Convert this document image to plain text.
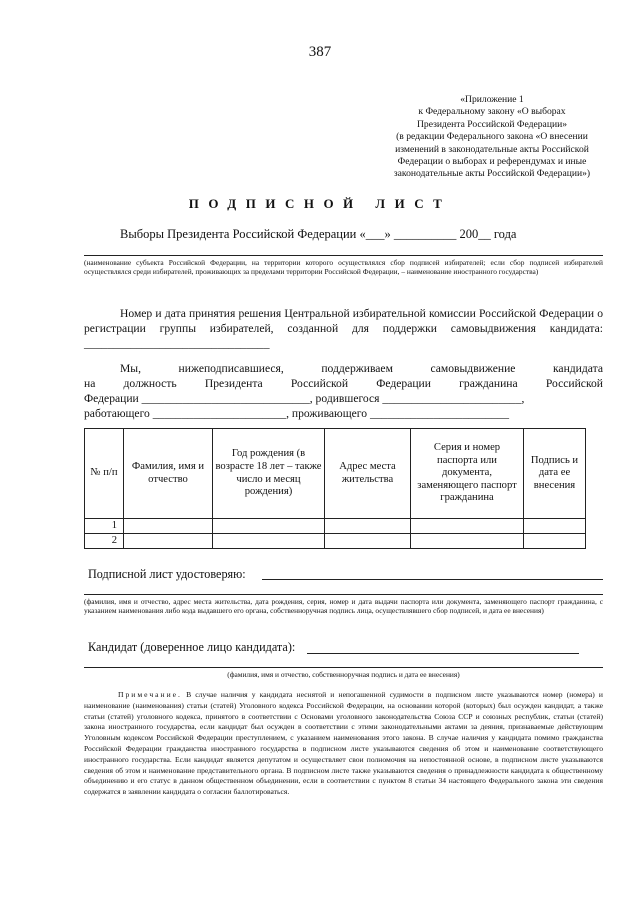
387
«Приложение 1
к Федеральному закону «О выборах
Президента Российской Федерации»
(в редакции Федерального закона «О внесении
изменений в законодательные акты Российской
Федерации о выборах и референдумах и иные
законодательные акты Российской Федерации»)
ПОДПИСНОЙ ЛИСТ
Выборы Президента Российской Федерации «___» __________ 200__ года
(наименование субъекта Российской Федерации, на территории которого осуществлялся сбор подписей избирателей; если сбор подписей избирателей осуществлялся среди избирателей, проживающих за пределами территории Российской Федерации, – наименование иностранного государства)
Номер и дата принятия решения Центральной избирательной комиссии Российской Федерации о регистрации группы избирателей, созданной для поддержки самовыдвижения кандидата: ________________________________
Мы, нижеподписавшиеся, поддерживаем самовыдвижение кандидата
на должность Президента Российской Федерации гражданина Российской
Федерации _____________________________, родившегося ________________________,
работающего _______________________, проживающего ________________________
№ п/п	Фамилия, имя и отчество	Год рождения (в возрасте 18 лет – также число и месяц рождения)	Адрес места жительства	Серия и номер паспорта или документа, заменяющего паспорт гражданина	Подпись и дата ее внесения
1					
2					
Подписной лист удостоверяю:
(фамилия, имя и отчество, адрес места жительства, дата рождения, серия, номер и дата выдачи паспорта или документа, заменяющего паспорт гражданина, с указанием наименования либо кода выдавшего его органа, собственноручная подпись лица, осуществлявшего сбор подписей, и дата ее внесения)
Кандидат (доверенное лицо кандидата):
(фамилия, имя и отчество, собственноручная подпись и дата ее внесения)
Примечание. В случае наличия у кандидата неснятой и непогашенной судимости в подписном листе указываются номер (номера) и наименование (наименования) статьи (статей) Уголовного кодекса Российской Федерации, на основании которой (которых) был осужден кандидат, а также статьи (статей) уголовного кодекса, принятого в соответствии с Основами уголовного законодательства Союза ССР и союзных республик, статьи (статей) закона иностранного государства, если кандидат был осужден в соответствии с этими законодательными актами за деяния, признаваемые действующим Уголовным кодексом Российской Федерации преступлением, с указанием наименования этого закона. В случае наличия у кандидата помимо гражданства Российской Федерации гражданства иностранного государства в подписном листе указываются сведения об этом и наименование соответствующего иностранного государства. Если кандидат является депутатом и осуществляет свои полномочия на непостоянной основе, в подписном листе указываются сведения об этом и наименование представительного органа. В подписном листе также указываются сведения о принадлежности кандидата к общественному объединению и его статус в данном общественном объединении, если в соответствии с пунктом 8 статьи 34 настоящего Федерального закона эти сведения содержатся в заявлении кандидата о согласии баллотироваться.
